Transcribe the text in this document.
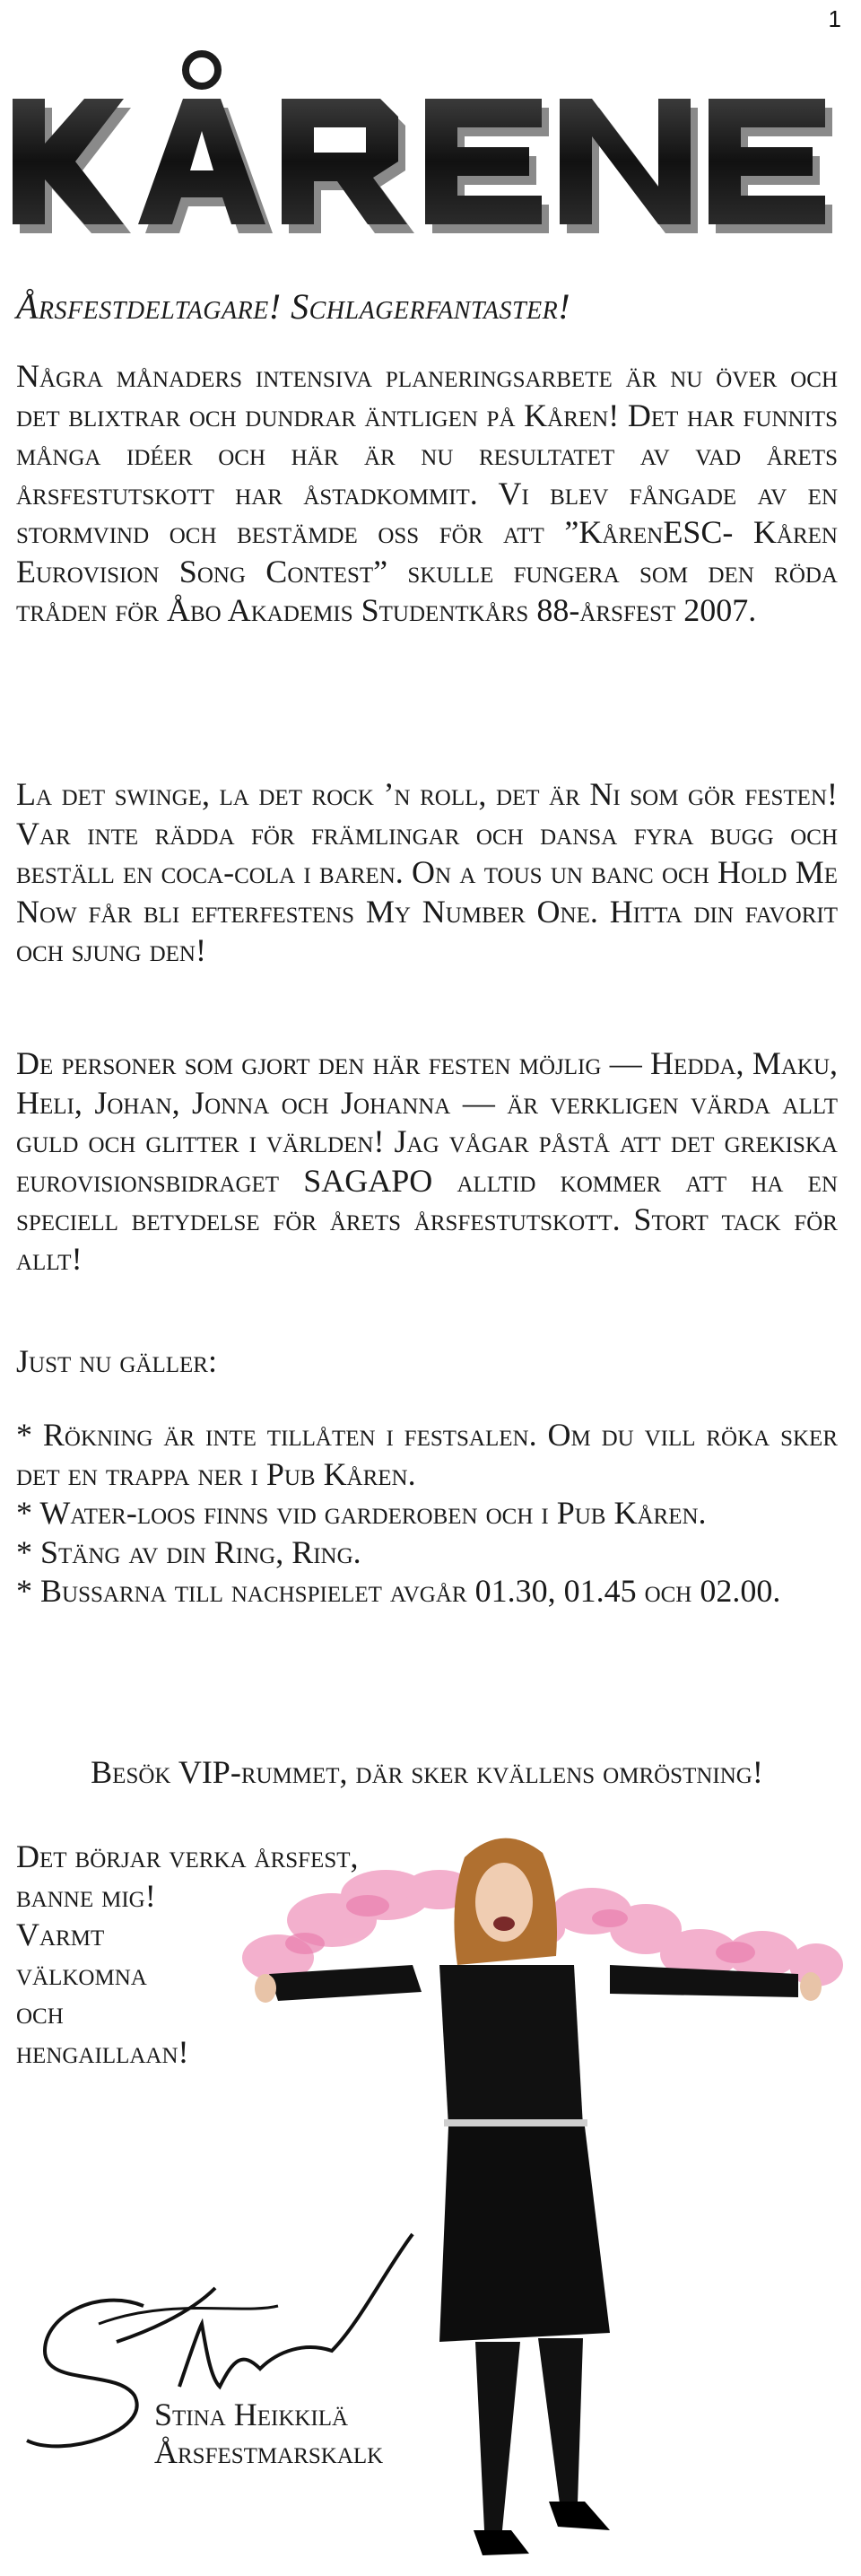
1
KÅRENESC
Årsfestdeltagare! Schlagerfantaster!

Några månaders intensiva planeringsarbete är nu över och det blixtrar och dundrar äntligen på Kåren! Det har funnits många idéer och här är nu resultatet av vad årets årsfestutskott har åstadkommit. Vi blev fångade av en stormvind och bestämde oss för att ”KårenESC- Kåren Eurovision Song Contest” skulle fungera som den röda tråden för Åbo Akademis Studentkårs 88-årsfest 2007.

La det swinge, la det rock ’n roll, det är Ni som gör festen! Var inte rädda för främlingar och dansa fyra bugg och beställ en coca-cola i baren. On a tous un banc och Hold Me Now får bli efterfestens My Number One. Hitta din favorit och sjung den!

De personer som gjort den här festen möjlig — Hedda, Maku, Heli, Johan, Jonna och Johanna — är verkligen värda allt guld och glitter i världen! Jag vågar påstå att det grekiska eurovisionsbidraget SAGAPO alltid kommer att ha en speciell betydelse för årets årsfestutskott. Stort tack för allt!

Just nu gäller:

* Rökning är inte tillåten i festsalen. Om du vill röka sker det en trappa ner i Pub Kåren.
* Water-loos finns vid garderoben och i Pub Kåren.
* Stäng av din Ring, Ring.
* Bussarna till nachspielet avgår 01.30, 01.45 och 02.00.

Besök VIP-rummet, där sker kvällens omröstning!

Det börjar verka årsfest,
banne mig!
Varmt
välkomna
och
hengaillaan!
Stina Heikkilä
Årsfestmarskalk
